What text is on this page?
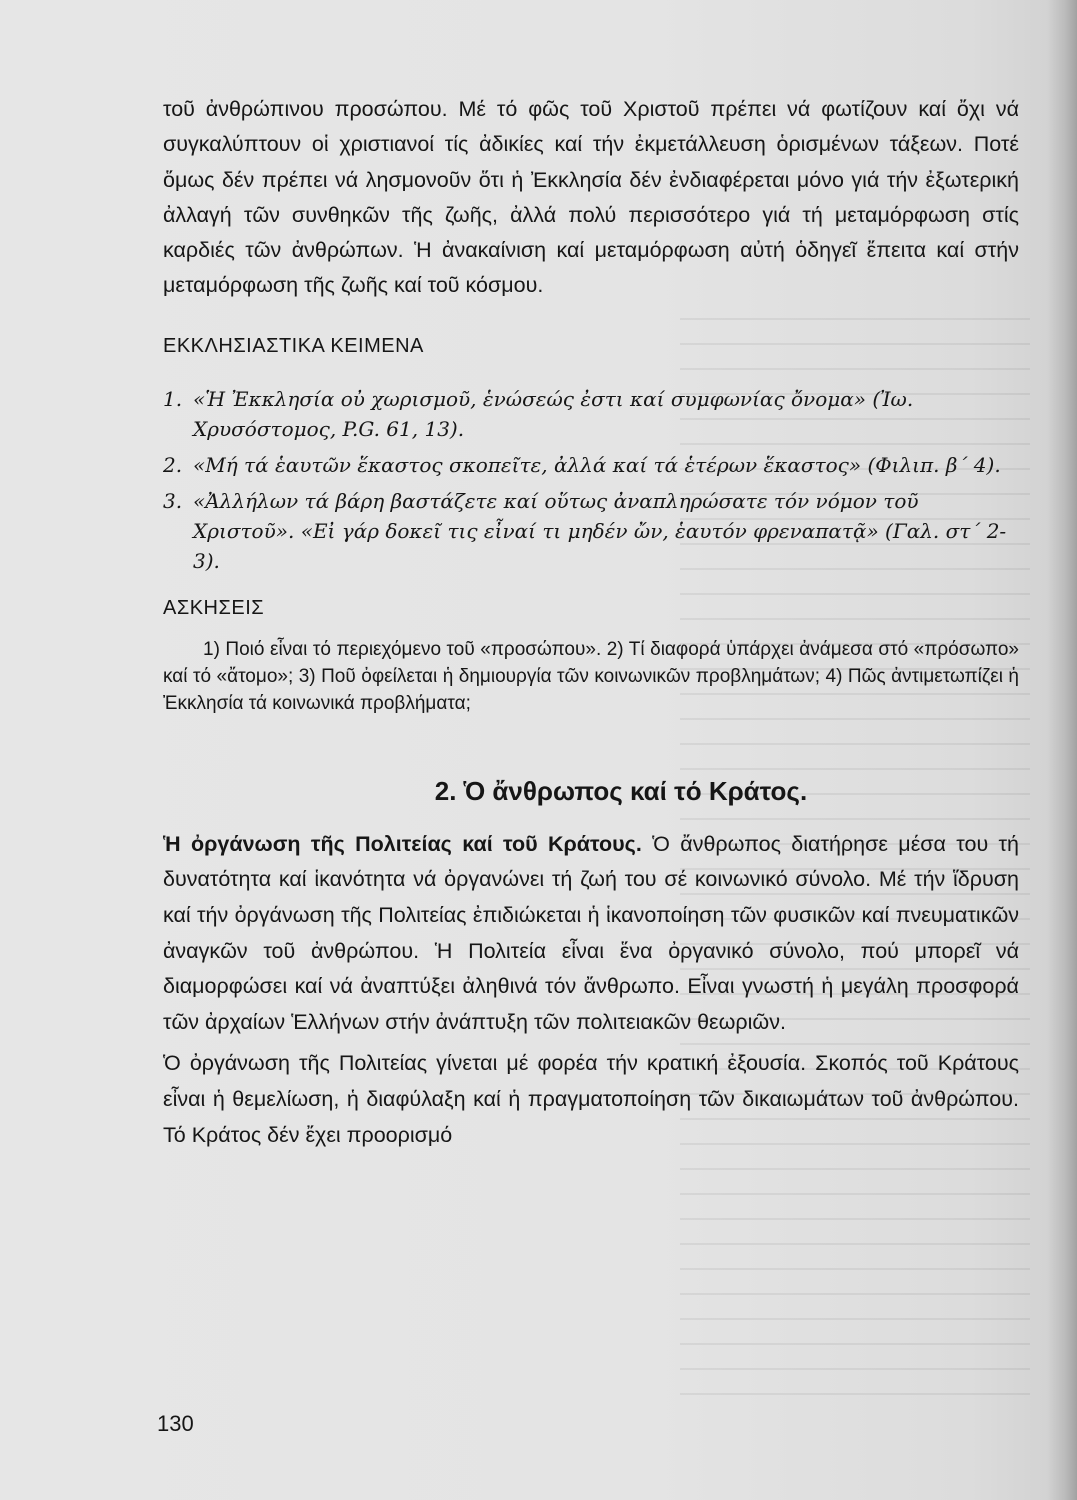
τοῦ ἀνθρώπινου προσώπου. Μέ τό φῶς τοῦ Χριστοῦ πρέπει νά φωτίζουν καί ὄχι νά συγκαλύπτουν οἱ χριστιανοί τίς ἀδικίες καί τήν ἐκμετάλλευση ὁρισμένων τάξεων. Ποτέ ὅμως δέν πρέπει νά λησμονοῦν ὅτι ἡ Ἐκκλησία δέν ἐνδιαφέρεται μόνο γιά τήν ἐξωτερική ἀλλαγή τῶν συνθηκῶν τῆς ζωῆς, ἀλλά πολύ περισσότερο γιά τή μεταμόρφωση στίς καρδιές τῶν ἀνθρώπων. Ἡ ἀνακαίνιση καί μεταμόρφωση αὐτή ὁδηγεῖ ἔπειτα καί στήν μεταμόρφωση τῆς ζωῆς καί τοῦ κόσμου.

ΕΚΚΛΗΣΙΑΣΤΙΚΑ ΚΕΙΜΕΝΑ
1. «Ἡ Ἐκκλησία οὐ χωρισμοῦ, ἑνώσεώς ἐστι καί συμφωνίας ὄνομα» (Ἰω. Χρυσόστομος, P.G. 61, 13).
2. «Μή τά ἑαυτῶν ἕκαστος σκοπεῖτε, ἀλλά καί τά ἑτέρων ἕκαστος» (Φιλιπ. β΄ 4).
3. «Ἀλλήλων τά βάρη βαστάζετε καί οὕτως ἀναπληρώσατε τόν νόμον τοῦ Χριστοῦ». «Εἰ γάρ δοκεῖ τις εἶναί τι μηδέν ὤν, ἑαυτόν φρεναπατᾷ» (Γαλ. στ΄ 2-3).
ΑΣΚΗΣΕΙΣ

1) Ποιό εἶναι τό περιεχόμενο τοῦ «προσώπου». 2) Τί διαφορά ὑπάρχει ἀνάμεσα στό «πρόσωπο» καί τό «ἄτομο»; 3) Ποῦ ὀφείλεται ἡ δημιουργία τῶν κοινωνικῶν προβλημάτων; 4) Πῶς ἀντιμετωπίζει ἡ Ἐκκλησία τά κοινωνικά προβλήματα;

2. Ὁ ἄνθρωπος καί τό Κράτος.

Ἡ ὀργάνωση τῆς Πολιτείας καί τοῦ Κράτους. Ὁ ἄνθρωπος διατήρησε μέσα του τή δυνατότητα καί ἱκανότητα νά ὀργανώνει τή ζωή του σέ κοινωνικό σύνολο. Μέ τήν ἵδρυση καί τήν ὀργάνωση τῆς Πολιτείας ἐπιδιώκεται ἡ ἱκανοποίηση τῶν φυσικῶν καί πνευματικῶν ἀναγκῶν τοῦ ἀνθρώπου. Ἡ Πολιτεία εἶναι ἕνα ὀργανικό σύνολο, πού μπορεῖ νά διαμορφώσει καί νά ἀναπτύξει ἀληθινά τόν ἄνθρωπο. Εἶναι γνωστή ἡ μεγάλη προσφορά τῶν ἀρχαίων Ἑλλήνων στήν ἀνάπτυξη τῶν πολιτειακῶν θεωριῶν.

Ὁ ὀργάνωση τῆς Πολιτείας γίνεται μέ φορέα τήν κρατική ἐξουσία. Σκοπός τοῦ Κράτους εἶναι ἡ θεμελίωση, ἡ διαφύλαξη καί ἡ πραγματοποίηση τῶν δικαιωμάτων τοῦ ἀνθρώπου. Τό Κράτος δέν ἔχει προορισμό

130
